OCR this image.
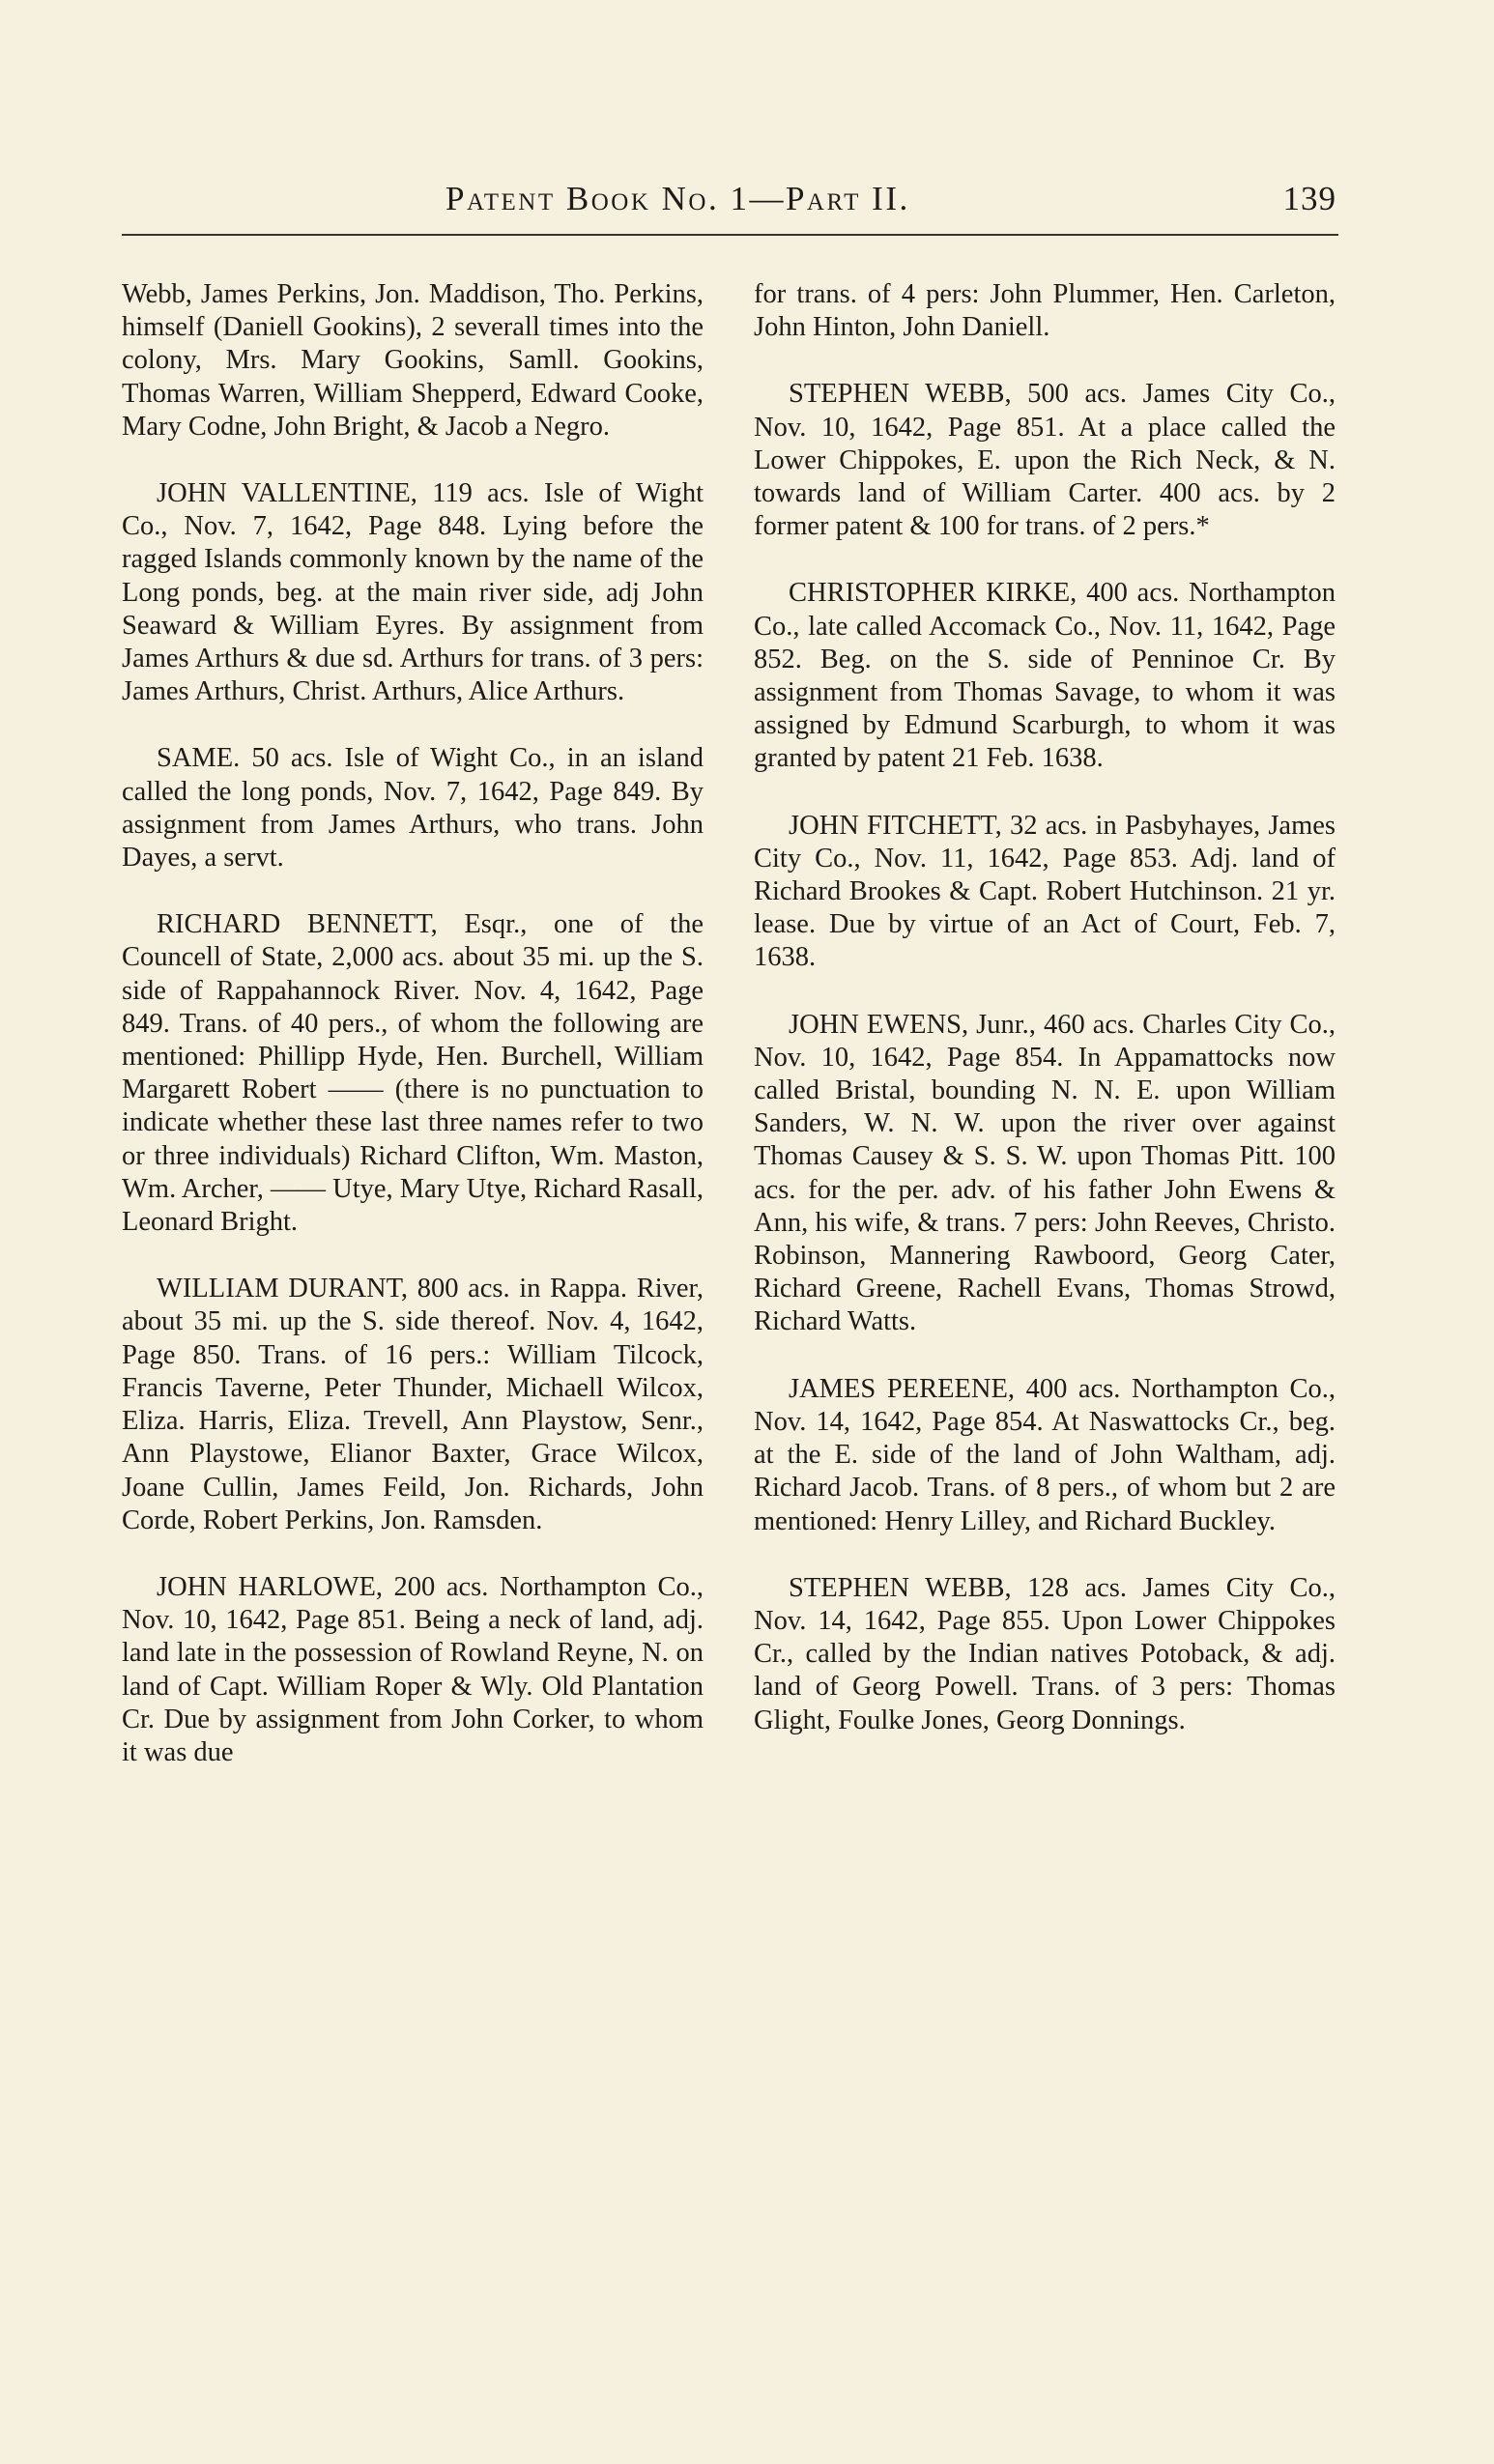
Patent Book No. 1—Part II.	139

Webb, James Perkins, Jon. Maddison, Tho. Perkins, himself (Daniell Gookins), 2 severall times into the colony, Mrs. Mary Gookins, Samll. Gookins, Thomas Warren, William Shepperd, Edward Cooke, Mary Codne, John Bright, & Jacob a Negro.

JOHN VALLENTINE, 119 acs. Isle of Wight Co., Nov. 7, 1642, Page 848. Lying before the ragged Islands commonly known by the name of the Long ponds, beg. at the main river side, adj John Seaward & William Eyres. By assignment from James Arthurs & due sd. Arthurs for trans. of 3 pers: James Arthurs, Christ. Arthurs, Alice Arthurs.

SAME. 50 acs. Isle of Wight Co., in an island called the long ponds, Nov. 7, 1642, Page 849. By assignment from James Arthurs, who trans. John Dayes, a servt.

RICHARD BENNETT, Esqr., one of the Councell of State, 2,000 acs. about 35 mi. up the S. side of Rappahannock River. Nov. 4, 1642, Page 849. Trans. of 40 pers., of whom the following are mentioned: Phillipp Hyde, Hen. Burchell, William Margarett Robert —— (there is no punctuation to indicate whether these last three names refer to two or three individuals) Richard Clifton, Wm. Maston, Wm. Archer, —— Utye, Mary Utye, Richard Rasall, Leonard Bright.

WILLIAM DURANT, 800 acs. in Rappa. River, about 35 mi. up the S. side thereof. Nov. 4, 1642, Page 850. Trans. of 16 pers.: William Tilcock, Francis Taverne, Peter Thunder, Michaell Wilcox, Eliza. Harris, Eliza. Trevell, Ann Playstow, Senr., Ann Playstowe, Elianor Baxter, Grace Wilcox, Joane Cullin, James Feild, Jon. Richards, John Corde, Robert Perkins, Jon. Ramsden.

JOHN HARLOWE, 200 acs. Northampton Co., Nov. 10, 1642, Page 851. Being a neck of land, adj. land late in the possession of Rowland Reyne, N. on land of Capt. William Roper & Wly. Old Plantation Cr. Due by assignment from John Corker, to whom it was due

for trans. of 4 pers: John Plummer, Hen. Carleton, John Hinton, John Daniell.

STEPHEN WEBB, 500 acs. James City Co., Nov. 10, 1642, Page 851. At a place called the Lower Chippokes, E. upon the Rich Neck, & N. towards land of William Carter. 400 acs. by 2 former patent & 100 for trans. of 2 pers.*

CHRISTOPHER KIRKE, 400 acs. Northampton Co., late called Accomack Co., Nov. 11, 1642, Page 852. Beg. on the S. side of Penninoe Cr. By assignment from Thomas Savage, to whom it was assigned by Edmund Scarburgh, to whom it was granted by patent 21 Feb. 1638.

JOHN FITCHETT, 32 acs. in Pasbyhayes, James City Co., Nov. 11, 1642, Page 853. Adj. land of Richard Brookes & Capt. Robert Hutchinson. 21 yr. lease. Due by virtue of an Act of Court, Feb. 7, 1638.

JOHN EWENS, Junr., 460 acs. Charles City Co., Nov. 10, 1642, Page 854. In Appamattocks now called Bristal, bounding N. N. E. upon William Sanders, W. N. W. upon the river over against Thomas Causey & S. S. W. upon Thomas Pitt. 100 acs. for the per. adv. of his father John Ewens & Ann, his wife, & trans. 7 pers: John Reeves, Christo. Robinson, Mannering Rawboord, Georg Cater, Richard Greene, Rachell Evans, Thomas Strowd, Richard Watts.

JAMES PEREENE, 400 acs. Northampton Co., Nov. 14, 1642, Page 854. At Naswattocks Cr., beg. at the E. side of the land of John Waltham, adj. Richard Jacob. Trans. of 8 pers., of whom but 2 are mentioned: Henry Lilley, and Richard Buckley.

STEPHEN WEBB, 128 acs. James City Co., Nov. 14, 1642, Page 855. Upon Lower Chippokes Cr., called by the Indian natives Potoback, & adj. land of Georg Powell. Trans. of 3 pers: Thomas Glight, Foulke Jones, Georg Donnings.
